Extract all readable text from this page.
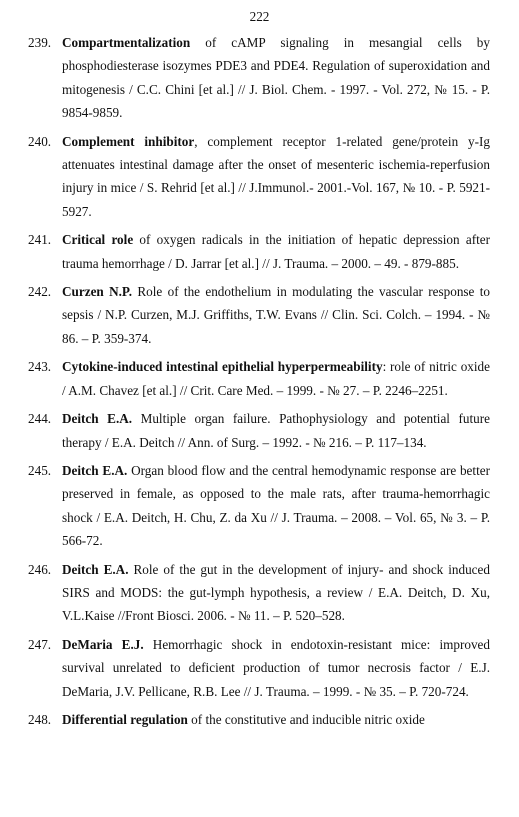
222
239. Compartmentalization of cAMP signaling in mesangial cells by phosphodiesterase isozymes PDE3 and PDE4. Regulation of superoxidation and mitogenesis / C.C. Chini [et al.] // J. Biol. Chem. - 1997. - Vol. 272, № 15. - P. 9854-9859.
240. Complement inhibitor, complement receptor 1-related gene/protein y-Ig attenuates intestinal damage after the onset of mesenteric ischemia-reperfusion injury in mice / S. Rehrid [et al.] // J.Immunol.- 2001.-Vol. 167, № 10. - P. 5921-5927.
241. Critical role of oxygen radicals in the initiation of hepatic depression after trauma hemorrhage / D. Jarrar [et al.] // J. Trauma. – 2000. – 49. - 879-885.
242. Curzen N.P. Role of the endothelium in modulating the vascular response to sepsis / N.P. Curzen, M.J. Griffiths, T.W. Evans // Clin. Sci. Colch. – 1994. - № 86. – P. 359-374.
243. Cytokine-induced intestinal epithelial hyperpermeability: role of nitric oxide / A.M. Chavez [et al.] // Crit. Care Med. – 1999. - № 27. – P. 2246–2251.
244. Deitch E.A. Multiple organ failure. Pathophysiology and potential future therapy / E.A. Deitch // Ann. of Surg. – 1992. - № 216. – P. 117–134.
245. Deitch E.A. Organ blood flow and the central hemodynamic response are better preserved in female, as opposed to the male rats, after trauma-hemorrhagic shock / E.A. Deitch, H. Chu, Z. da Xu // J. Trauma. – 2008. – Vol. 65, № 3. – P. 566-72.
246. Deitch E.A. Role of the gut in the development of injury- and shock induced SIRS and MODS: the gut-lymph hypothesis, a review / E.A. Deitch, D. Xu, V.L.Kaise //Front Biosci. 2006. - № 11. – P. 520–528.
247. DeMaria E.J. Hemorrhagic shock in endotoxin-resistant mice: improved survival unrelated to deficient production of tumor necrosis factor / E.J. DeMaria, J.V. Pellicane, R.B. Lee // J. Trauma. – 1999. - № 35. – P. 720-724.
248. Differential regulation of the constitutive and inducible nitric oxide
